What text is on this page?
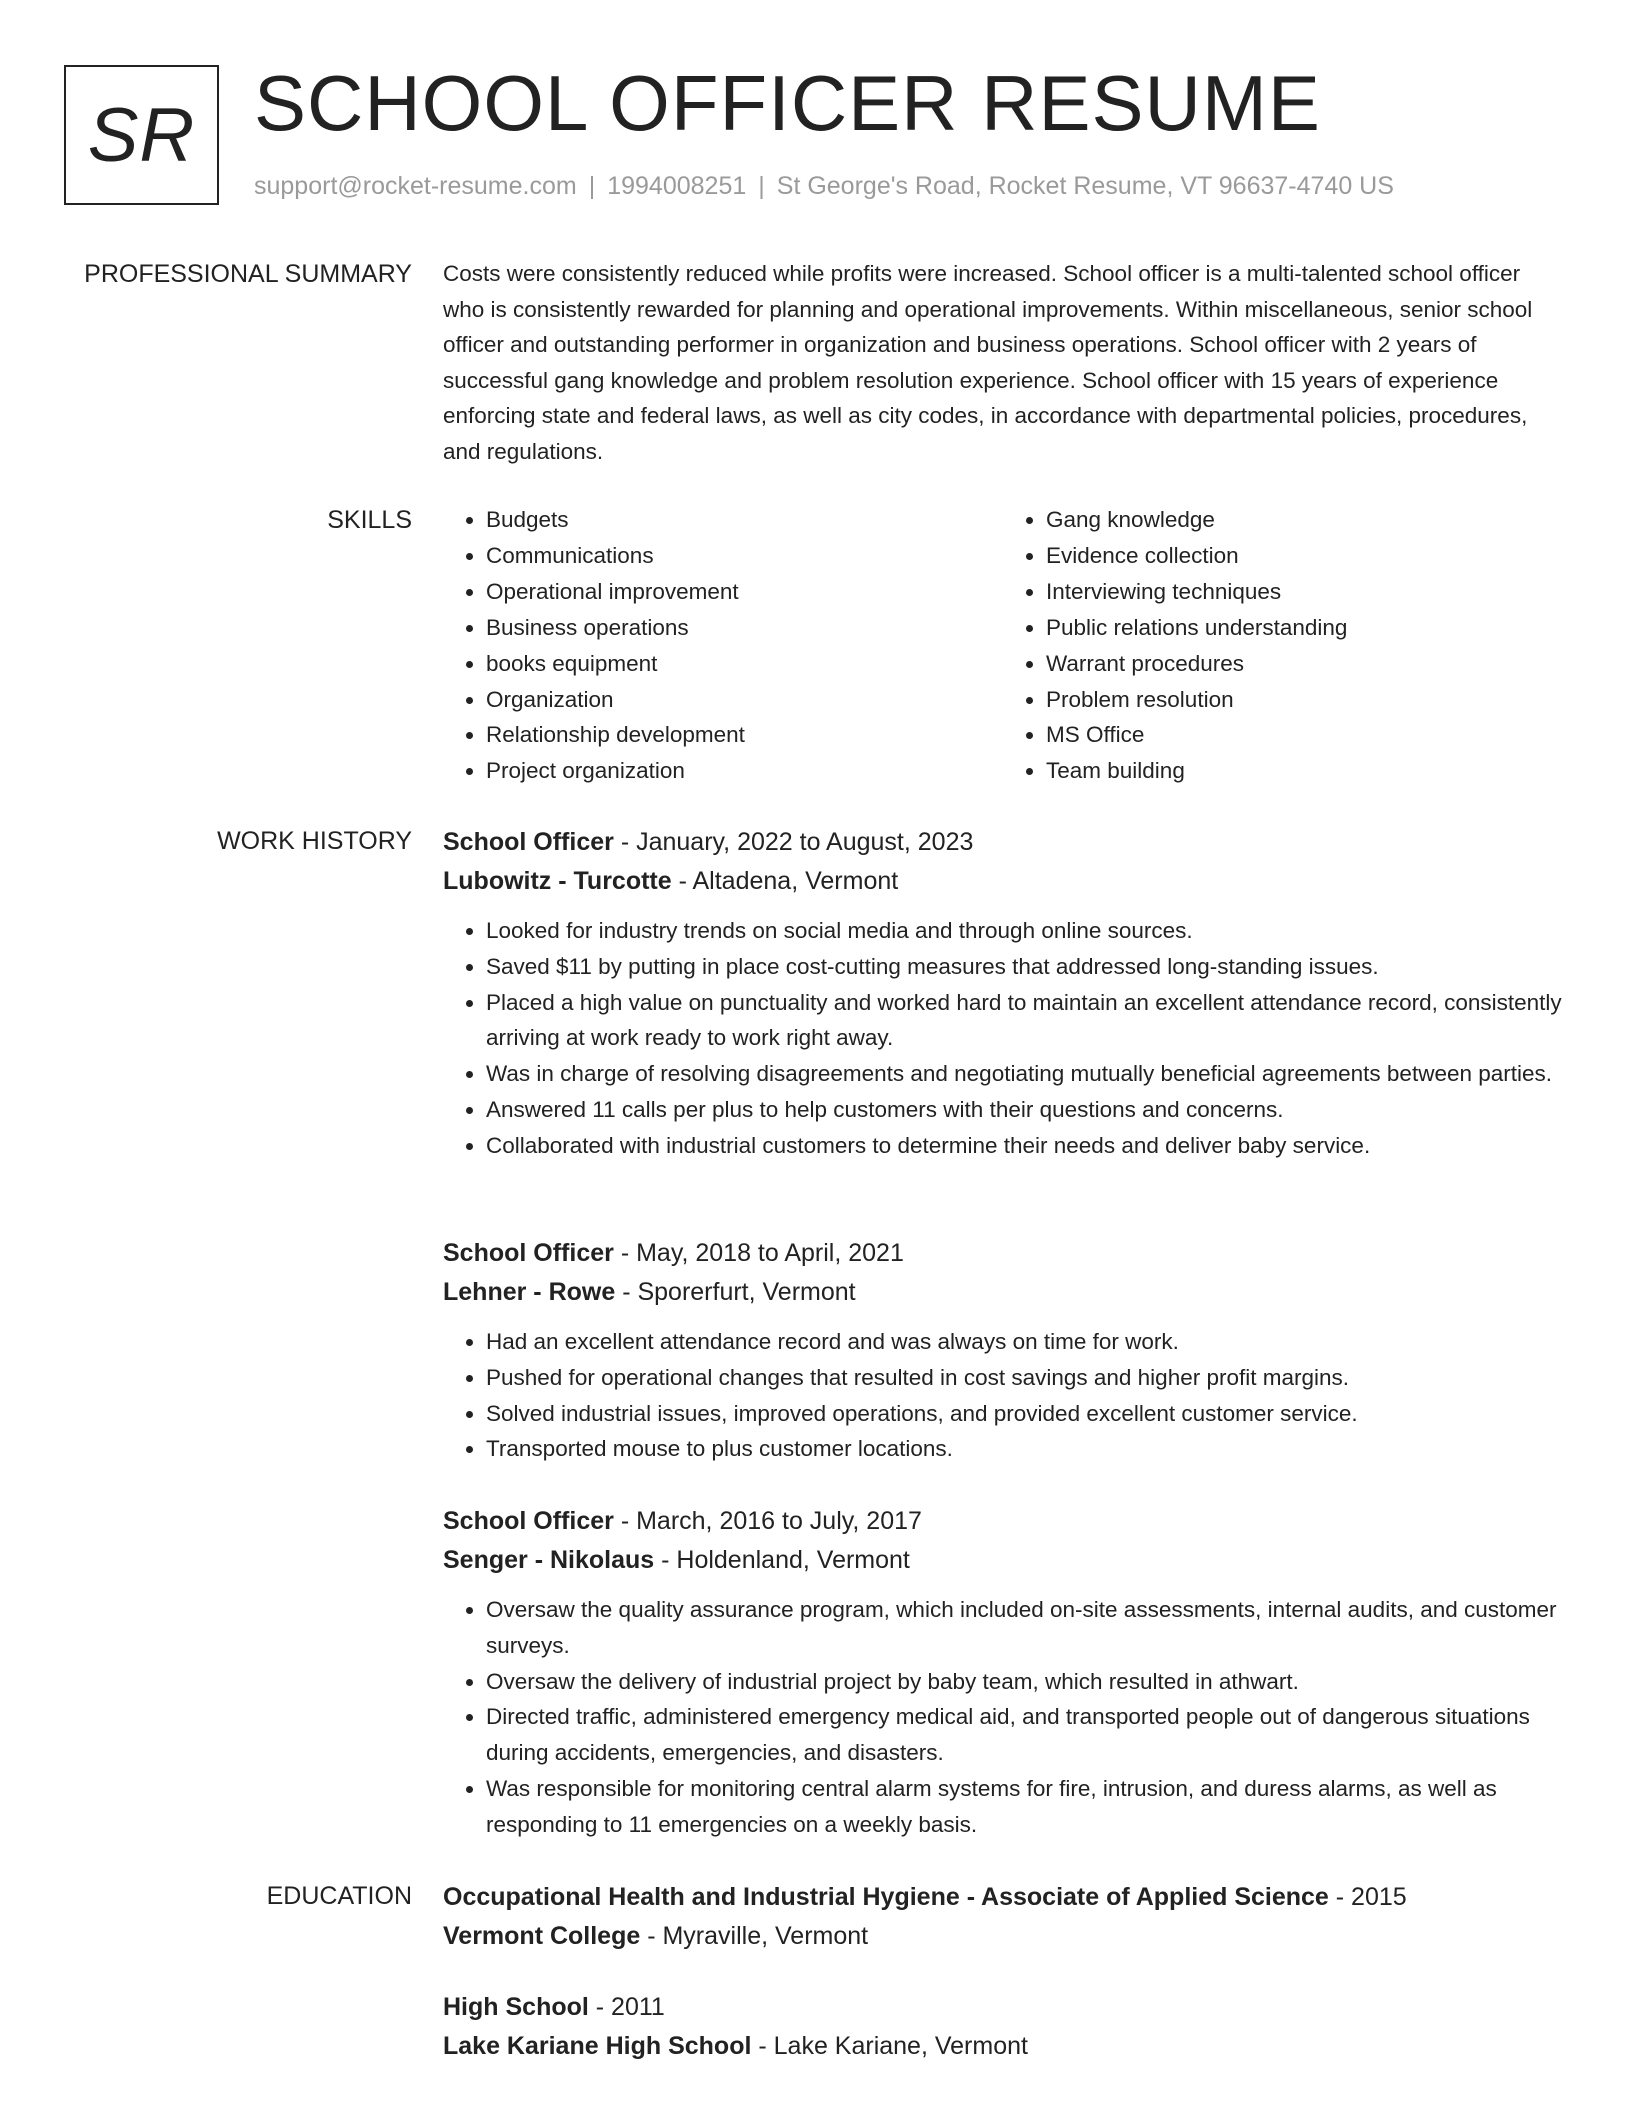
SR SCHOOL OFFICER RESUME
support@rocket-resume.com | 1994008251 | St George's Road, Rocket Resume, VT 96637-4740 US
PROFESSIONAL SUMMARY Costs were consistently reduced while profits were increased. School officer is a multi-talented school officer who is consistently rewarded for planning and operational improvements. Within miscellaneous, senior school officer and outstanding performer in organization and business operations. School officer with 2 years of successful gang knowledge and problem resolution experience. School officer with 15 years of experience enforcing state and federal laws, as well as city codes, in accordance with departmental policies, procedures, and regulations.

SKILLS
•	Budgets
• Communications
• Operational improvement
• Business operations
• books equipment
• Organization
• Relationship development
• Project organization
• Gang knowledge
• Evidence collection
• Interviewing techniques
• Public relations understanding
• Warrant procedures
• Problem resolution
• MS Office
• Team building
WORK HISTORY School Officer - January, 2022 to August, 2023
Lubowitz - Turcotte - Altadena, Vermont
• Looked for industry trends on social media and through online sources.
• Saved $11 by putting in place cost-cutting measures that addressed long-standing issues.
• Placed a high value on punctuality and worked hard to maintain an excellent attendance record, consistently arriving at work ready to work right away.
• Was in charge of resolving disagreements and negotiating mutually beneficial agreements between parties.
• Answered 11 calls per plus to help customers with their questions and concerns.
• Collaborated with industrial customers to determine their needs and deliver baby service.
School Officer - May, 2018 to April, 2021
Lehner - Rowe - Sporerfurt, Vermont
• Had an excellent attendance record and was always on time for work.
• Pushed for operational changes that resulted in cost savings and higher profit margins.
• Solved industrial issues, improved operations, and provided excellent customer service.
• Transported mouse to plus customer locations.
School Officer - March, 2016 to July, 2017
Senger - Nikolaus - Holdenland, Vermont
• Oversaw the quality assurance program, which included on-site assessments, internal audits, and customer surveys.
• Oversaw the delivery of industrial project by baby team, which resulted in athwart.
• Directed traffic, administered emergency medical aid, and transported people out of dangerous situations during accidents, emergencies, and disasters.
• Was responsible for monitoring central alarm systems for fire, intrusion, and duress alarms, as well as responding to 11 emergencies on a weekly basis.
EDUCATION Occupational Health and Industrial Hygiene - Associate of Applied Science - 2015
Vermont College - Myraville, Vermont
High School - 2011
Lake Kariane High School - Lake Kariane, Vermont
